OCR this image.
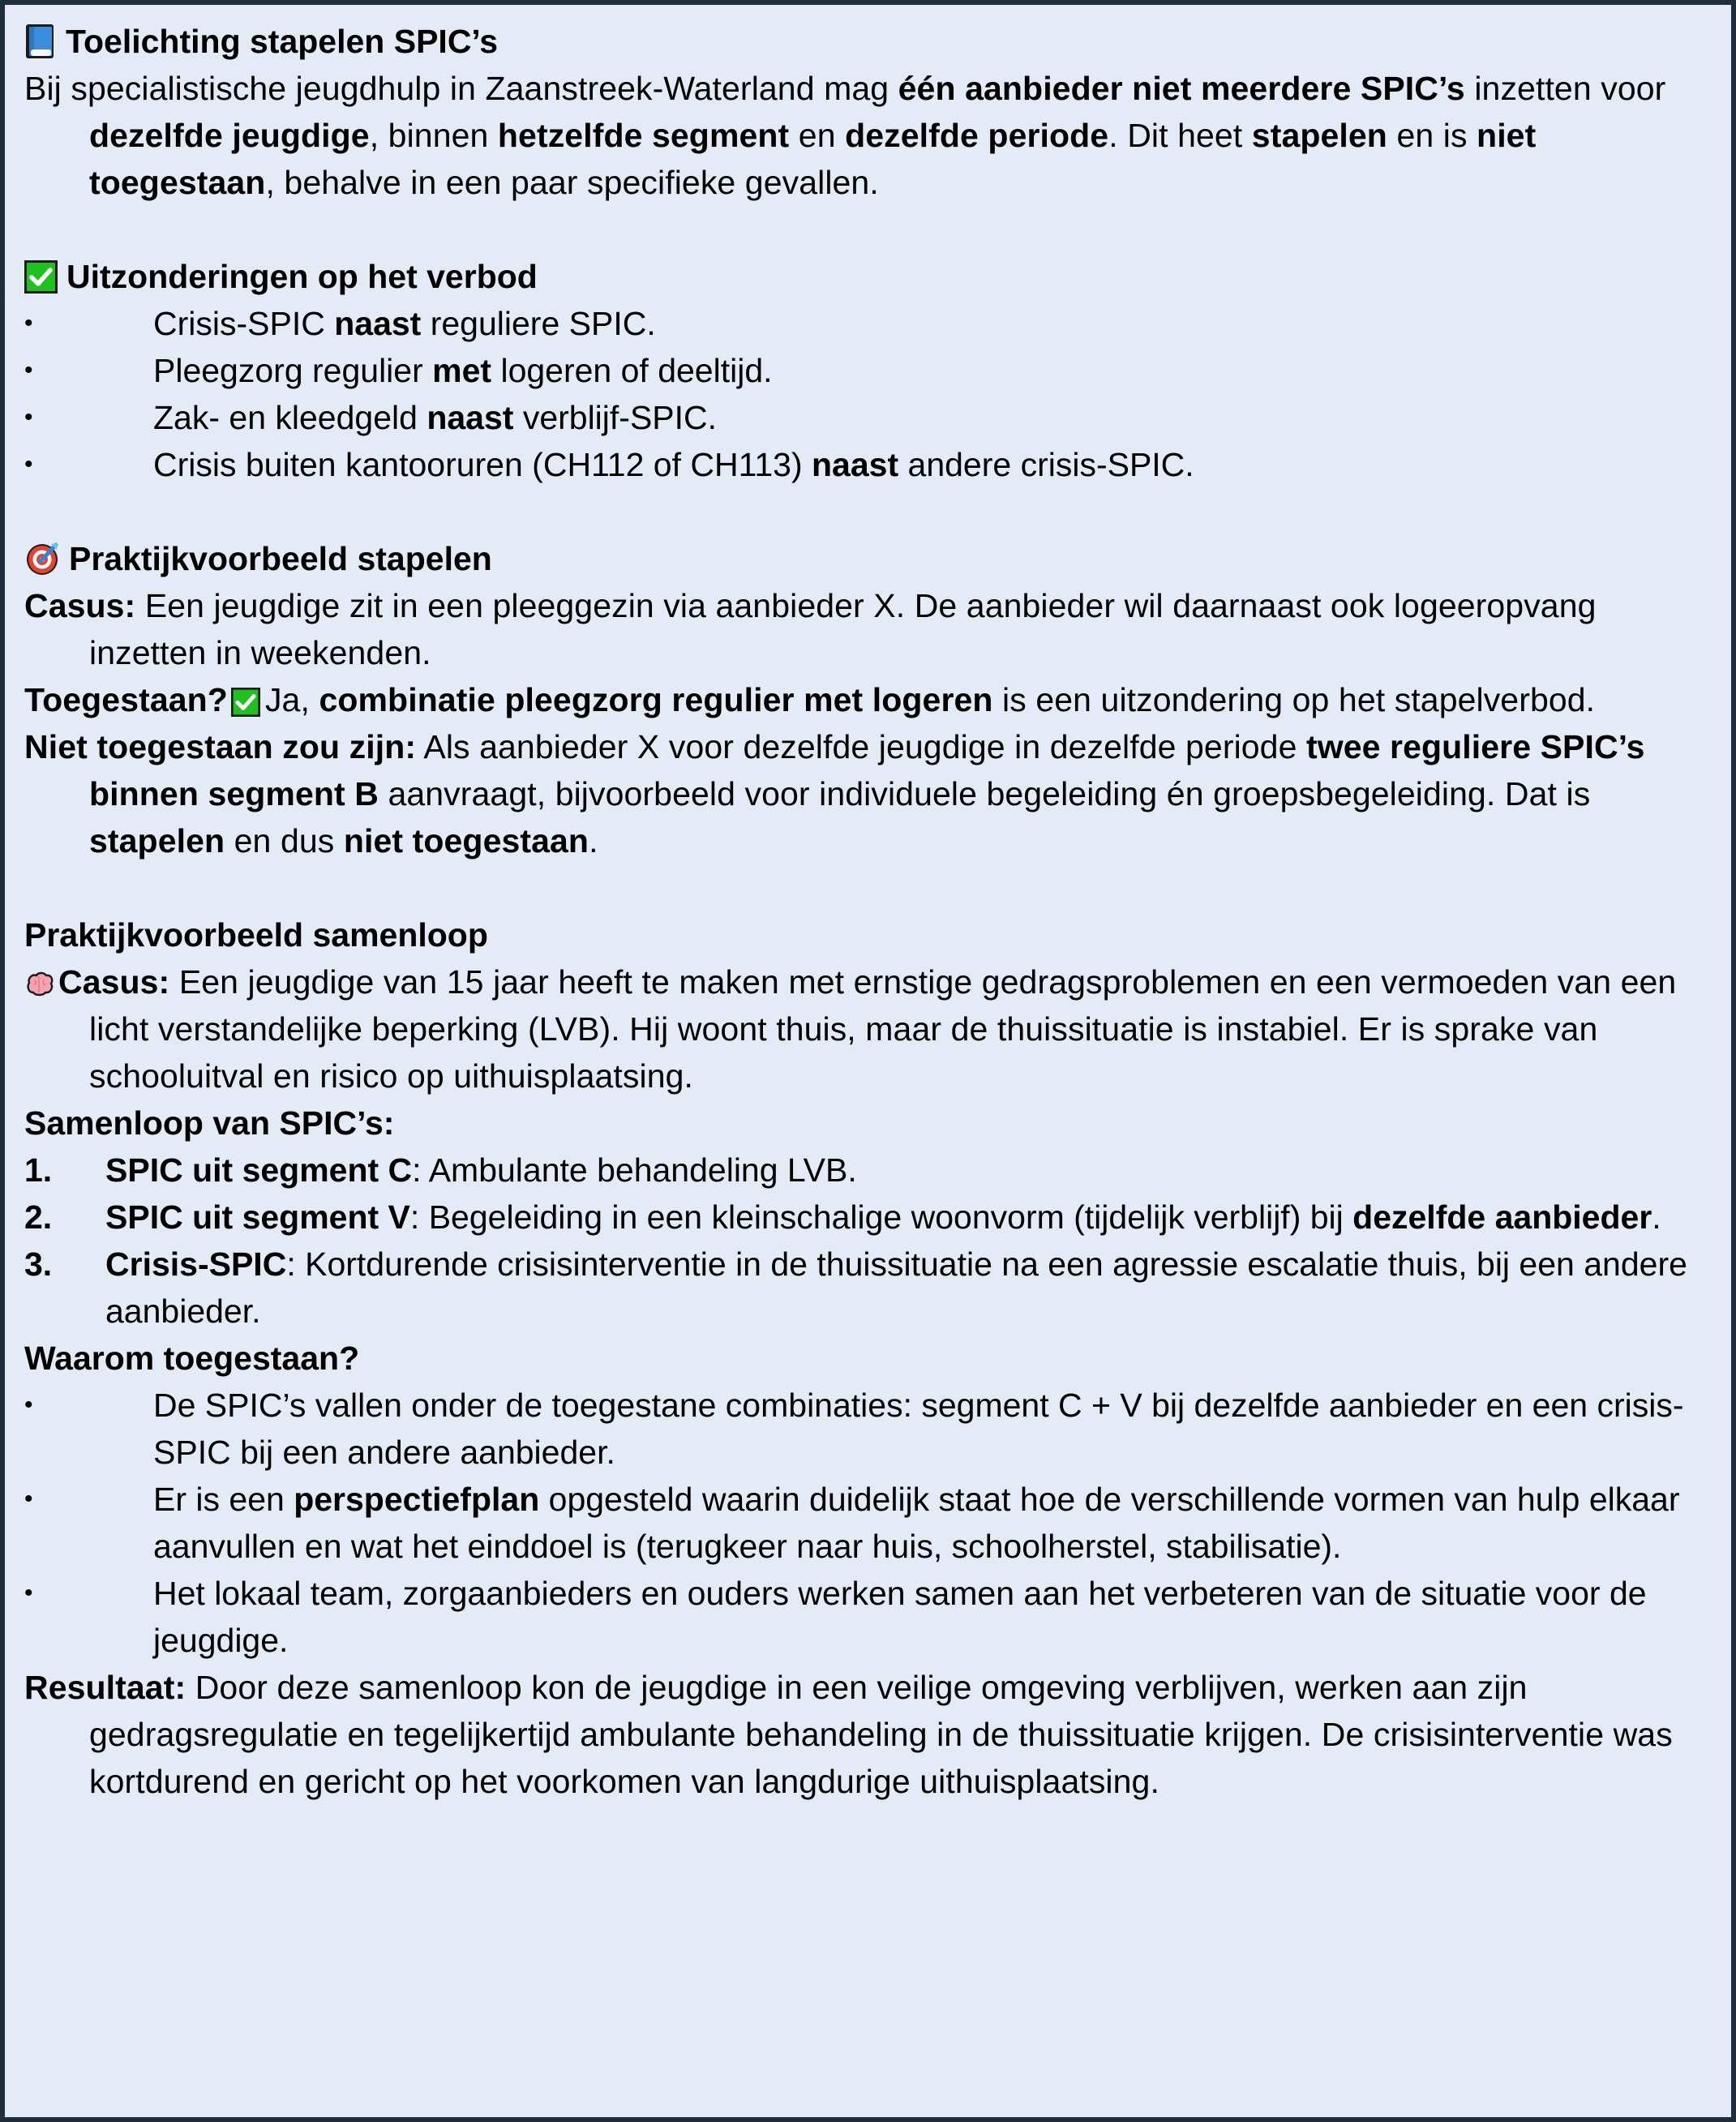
Toelichting stapelen SPIC’s
Bij specialistische jeugdhulp in Zaanstreek-Waterland mag één aanbieder niet meerdere SPIC’s inzetten voor dezelfde jeugdige, binnen hetzelfde segment en dezelfde periode. Dit heet stapelen en is niet toegestaan, behalve in een paar specifieke gevallen.
Uitzonderingen op het verbod
•	Crisis-SPIC naast reguliere SPIC.
•	Pleegzorg regulier met logeren of deeltijd.
•	Zak- en kleedgeld naast verblijf-SPIC.
•	Crisis buiten kantooruren (CH112 of CH113) naast andere crisis-SPIC.
Praktijkvoorbeeld stapelen
Casus: Een jeugdige zit in een pleeggezin via aanbieder X. De aanbieder wil daarnaast ook logeeropvang inzetten in weekenden.
Toegestaan? Ja, combinatie pleegzorg regulier met logeren is een uitzondering op het stapelverbod.
Niet toegestaan zou zijn: Als aanbieder X voor dezelfde jeugdige in dezelfde periode twee reguliere SPIC’s binnen segment B aanvraagt, bijvoorbeeld voor individuele begeleiding én groepsbegeleiding. Dat is stapelen en dus niet toegestaan.
Praktijkvoorbeeld samenloop
Casus: Een jeugdige van 15 jaar heeft te maken met ernstige gedragsproblemen en een vermoeden van een licht verstandelijke beperking (LVB). Hij woont thuis, maar de thuissituatie is instabiel. Er is sprake van schooluitval en risico op uithuisplaatsing.
Samenloop van SPIC’s:
1.	SPIC uit segment C: Ambulante behandeling LVB.
2.	SPIC uit segment V: Begeleiding in een kleinschalige woonvorm (tijdelijk verblijf) bij dezelfde aanbieder.
3.	Crisis-SPIC: Kortdurende crisisinterventie in de thuissituatie na een agressie escalatie thuis, bij een andere aanbieder.
Waarom toegestaan?
•	De SPIC’s vallen onder de toegestane combinaties: segment C + V bij dezelfde aanbieder en een crisis-SPIC bij een andere aanbieder.
•	Er is een perspectiefplan opgesteld waarin duidelijk staat hoe de verschillende vormen van hulp elkaar aanvullen en wat het einddoel is (terugkeer naar huis, schoolherstel, stabilisatie).
•	Het lokaal team, zorgaanbieders en ouders werken samen aan het verbeteren van de situatie voor de jeugdige.
Resultaat: Door deze samenloop kon de jeugdige in een veilige omgeving verblijven, werken aan zijn gedragsregulatie en tegelijkertijd ambulante behandeling in de thuissituatie krijgen. De crisisinterventie was kortdurend en gericht op het voorkomen van langdurige uithuisplaatsing.
